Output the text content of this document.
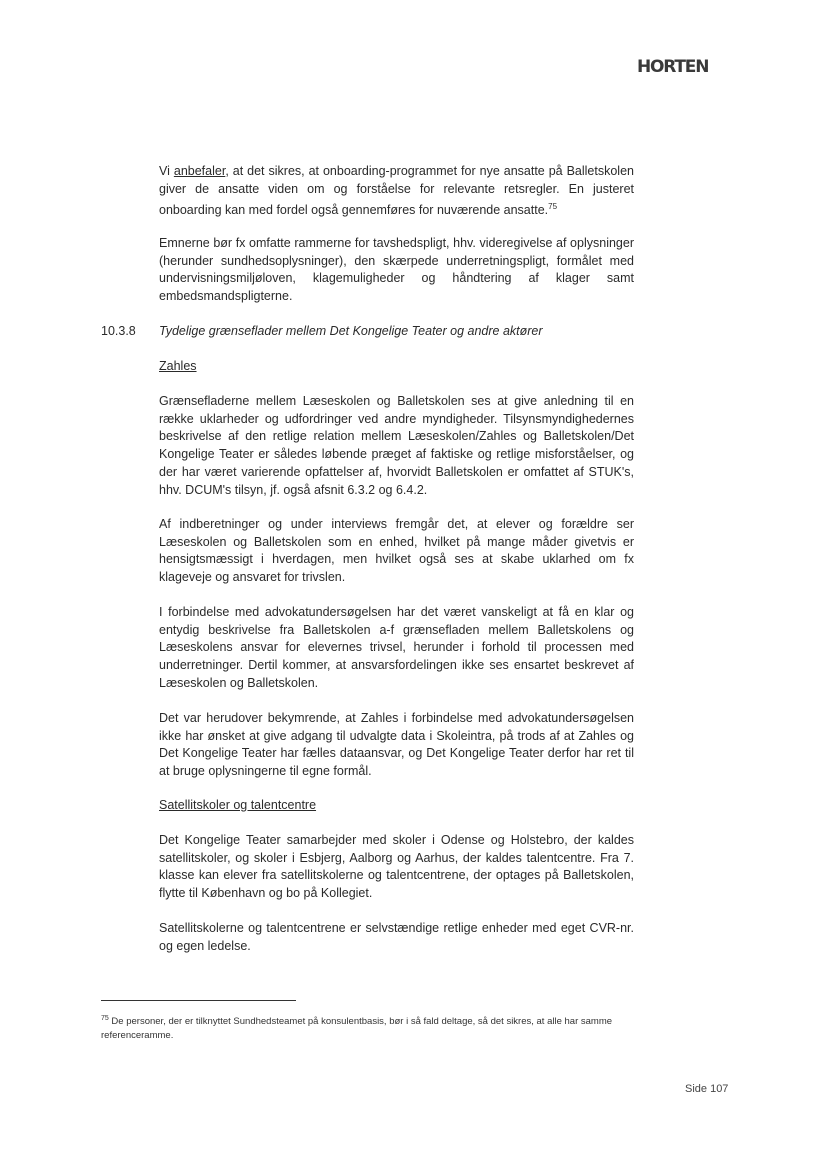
HORTEN
Vi anbefaler, at det sikres, at onboarding-programmet for nye ansatte på Balletskolen giver de ansatte viden om og forståelse for relevante retsregler. En justeret onboarding kan med fordel også gennemføres for nuværende ansatte.$^{75}$
Emnerne bør fx omfatte rammerne for tavshedspligt, hhv. videregivelse af oplysninger (herunder sundhedsoplysninger), den skærpede underretningspligt, formålet med undervisningsmiljøloven, klagemuligheder og håndtering af klager samt embedsmandspligterne.
10.3.8 Tydelige grænseflader mellem Det Kongelige Teater og andre aktører
Zahles
Grænsefladerne mellem Læseskolen og Balletskolen ses at give anledning til en række uklarheder og udfordringer ved andre myndigheder. Tilsynsmyndighedernes beskrivelse af den retlige relation mellem Læseskolen/Zahles og Balletskolen/Det Kongelige Teater er således løbende præget af faktiske og retlige misforståelser, og der har været varierende opfattelser af, hvorvidt Balletskolen er omfattet af STUK's, hhv. DCUM's tilsyn, jf. også afsnit 6.3.2 og 6.4.2.
Af indberetninger og under interviews fremgår det, at elever og forældre ser Læseskolen og Balletskolen som en enhed, hvilket på mange måder givetvis er hensigtsmæssigt i hverdagen, men hvilket også ses at skabe uklarhed om fx klageveje og ansvaret for trivslen.
I forbindelse med advokatundersøgelsen har det været vanskeligt at få en klar og entydig beskrivelse fra Balletskolen a-f grænsefladen mellem Balletskolens og Læseskolens ansvar for elevernes trivsel, herunder i forhold til processen med underretninger. Dertil kommer, at ansvarsfordelingen ikke ses ensartet beskrevet af Læseskolen og Balletskolen.
Det var herudover bekymrende, at Zahles i forbindelse med advokatundersøgelsen ikke har ønsket at give adgang til udvalgte data i Skoleintra, på trods af at Zahles og Det Kongelige Teater har fælles dataansvar, og Det Kongelige Teater derfor har ret til at bruge oplysningerne til egne formål.
Satellitskoler og talentcentre
Det Kongelige Teater samarbejder med skoler i Odense og Holstebro, der kaldes satellitskoler, og skoler i Esbjerg, Aalborg og Aarhus, der kaldes talentcentre. Fra 7. klasse kan elever fra satellitskolerne og talentcentrene, der optages på Balletskolen, flytte til København og bo på Kollegiet.
Satellitskolerne og talentcentrene er selvstændige retlige enheder med eget CVR-nr. og egen ledelse.
$^{75}$ De personer, der er tilknyttet Sundhedsteamet på konsulentbasis, bør i så fald deltage, så det sikres, at alle har samme referenceramme.
Side 107
